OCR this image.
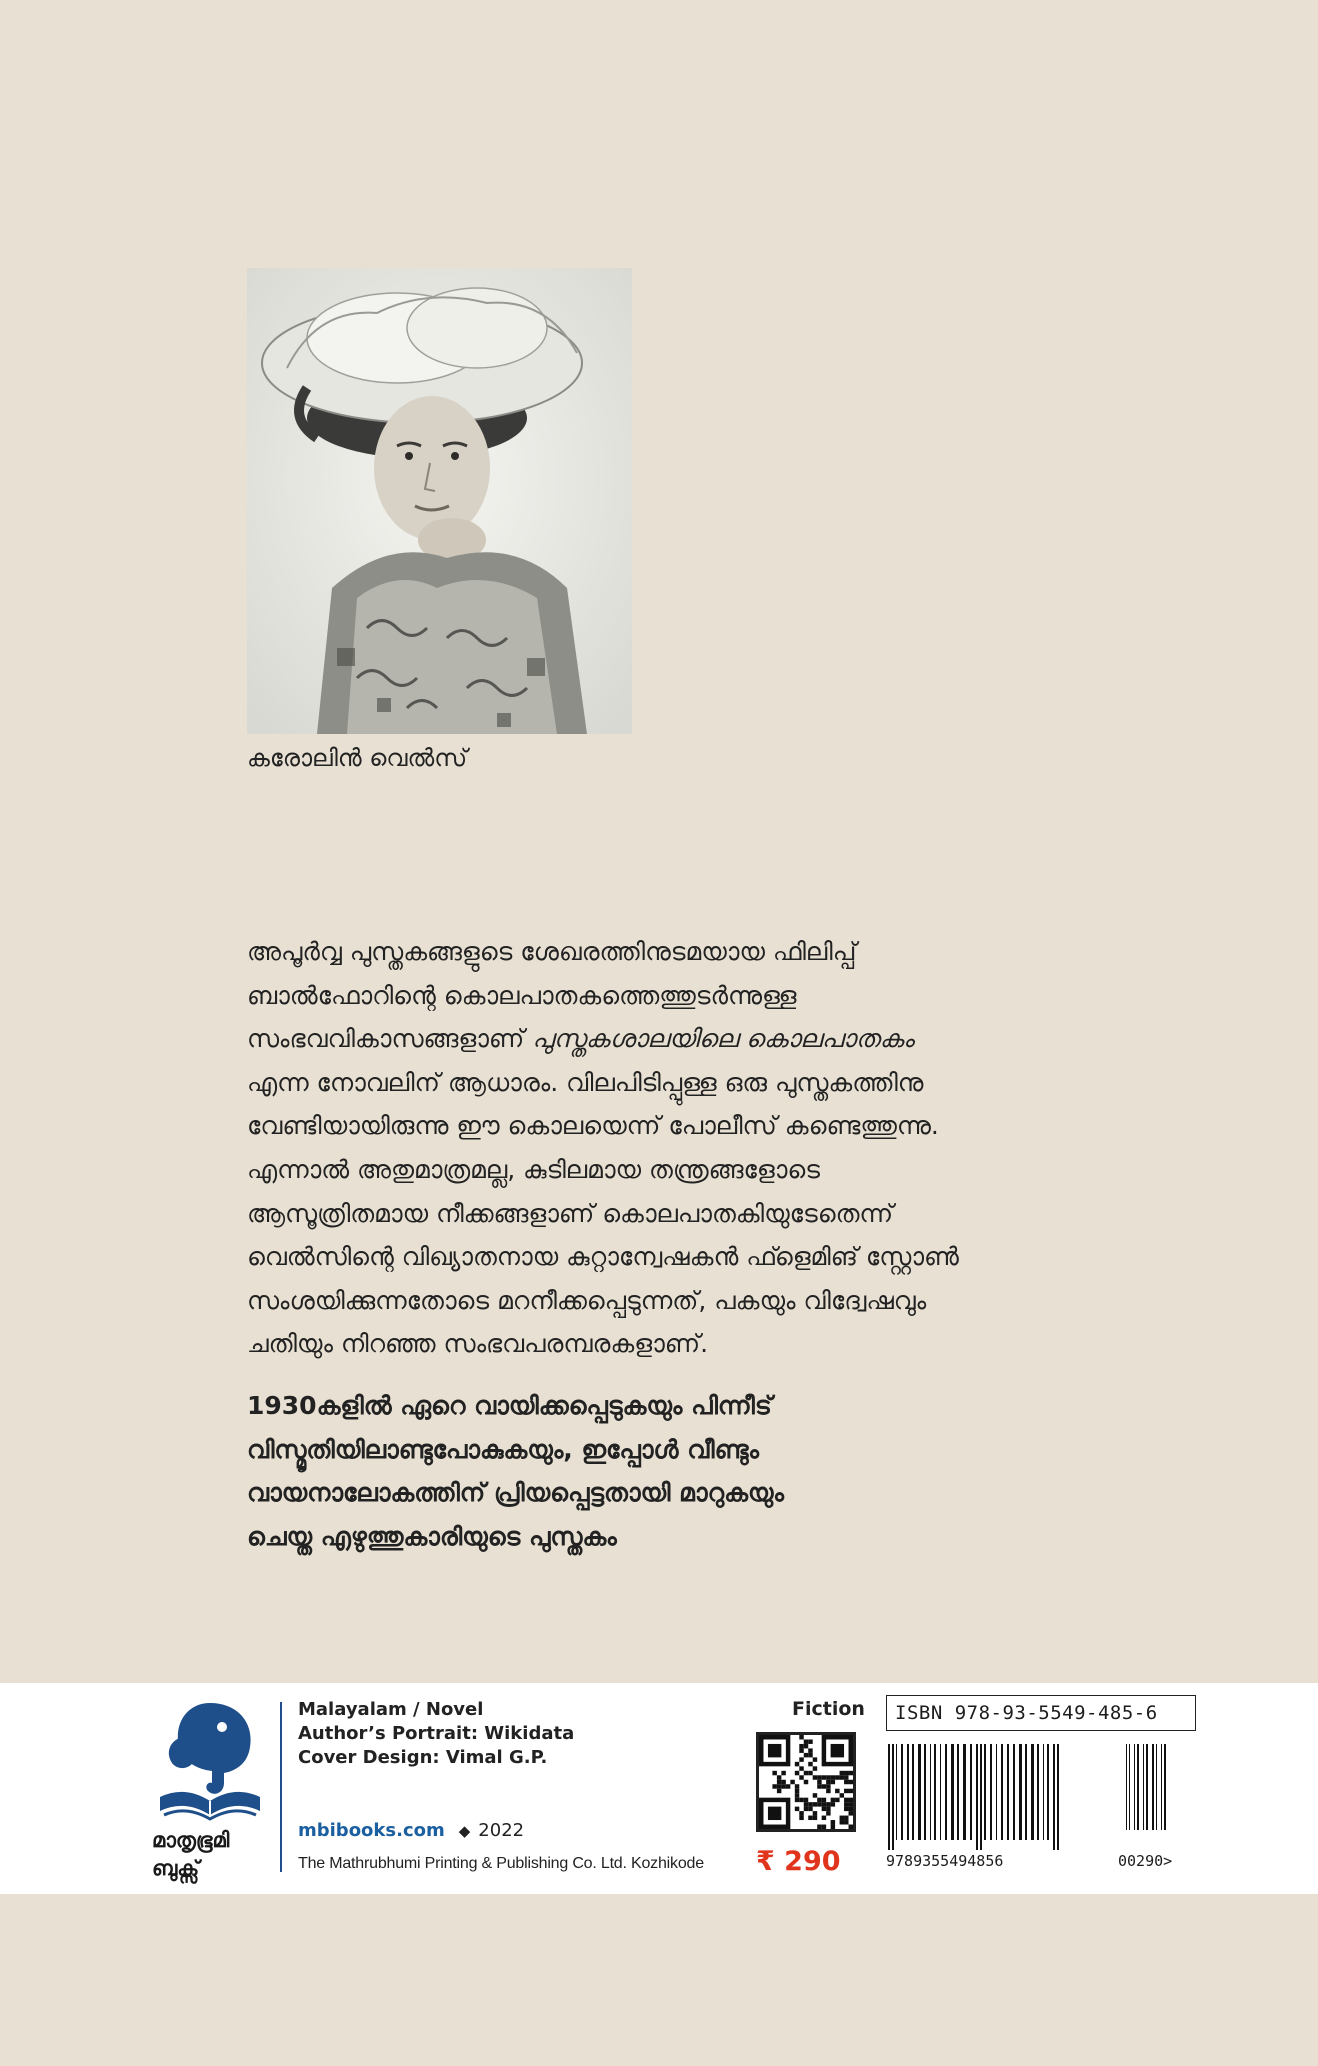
കരോലിൻ വെൽസ്

അപൂർവ്വ പുസ്തകങ്ങളുടെ ശേഖരത്തിനുടമയായ ഫിലിപ്പ്

ബാൽഫോറിന്റെ കൊലപാതകത്തെത്തുടർന്നുള്ള

സംഭവവികാസങ്ങളാണ് പുസ്തകശാലയിലെ കൊലപാതകം

എന്ന നോവലിന് ആധാരം. വിലപിടിപ്പുള്ള ഒരു പുസ്തകത്തിനു

വേണ്ടിയായിരുന്നു ഈ കൊലയെന്ന് പോലീസ് കണ്ടെത്തുന്നു.

എന്നാൽ അതുമാത്രമല്ല, കുടിലമായ തന്ത്രങ്ങളോടെ

ആസൂത്രിതമായ നീക്കങ്ങളാണ് കൊലപാതകിയുടേതെന്ന്

വെൽസിന്റെ വിഖ്യാതനായ കുറ്റാന്വേഷകൻ ഫ്ളെമിങ് സ്റ്റോൺ

സംശയിക്കുന്നതോടെ മറനീക്കപ്പെടുന്നത്, പകയും വിദ്വേഷവും

ചതിയും നിറഞ്ഞ സംഭവപരമ്പരകളാണ്.

1930കളിൽ ഏറെ വായിക്കപ്പെടുകയും പിന്നീട്

വിസ്മൃതിയിലാണ്ടുപോകുകയും, ഇപ്പോൾ വീണ്ടും

വായനാലോകത്തിന് പ്രിയപ്പെട്ടതായി മാറുകയും

ചെയ്ത എഴുത്തുകാരിയുടെ പുസ്തകം

മാതൃഭൂമി
ബുക്സ്
Malayalam / Novel
Author’s Portrait: Wikidata
Cover Design: Vimal G.P.
mbibooks.com ◆ 2022
The Mathrubhumi Printing & Publishing Co. Ltd. Kozhikode
Fiction
₹ 290
ISBN 978-93-5549-485-6
9789355494856	00290>
